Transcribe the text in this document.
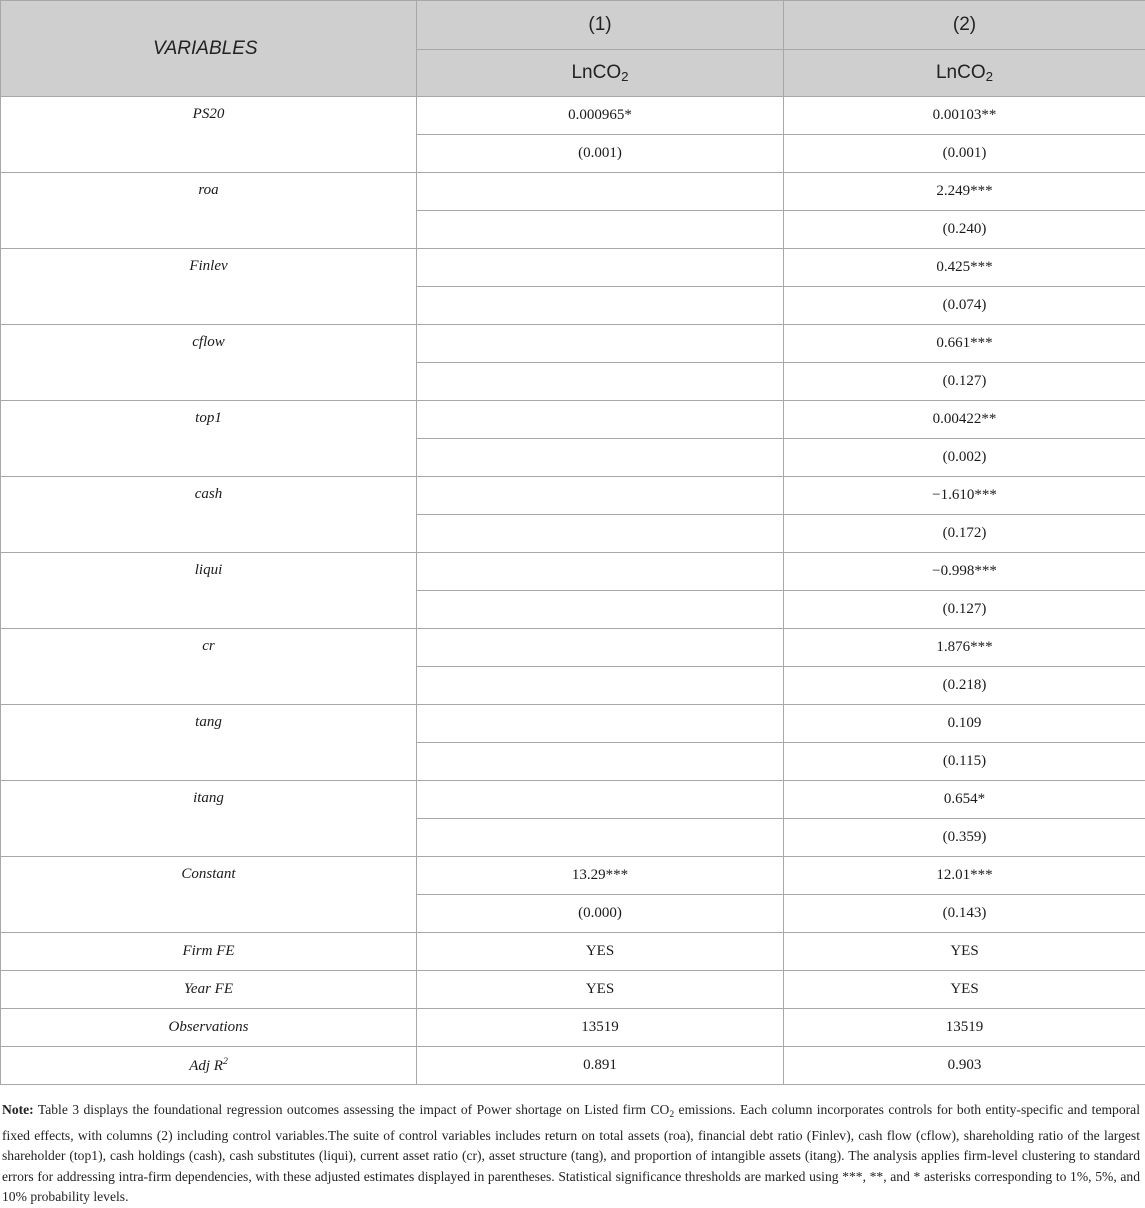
VARIABLES	(1)	(2)
	LnCO$_2$	LnCO$_2$
PS20	0.000965*	0.00103**
	(0.001)	(0.001)
roa		2.249***
		(0.240)
Finlev		0.425***
		(0.074)
cflow		0.661***
		(0.127)
top1		0.00422**
		(0.002)
cash		−1.610***
		(0.172)
liqui		−0.998***
		(0.127)
cr		1.876***
		(0.218)
tang		0.109
		(0.115)
itang		0.654*
		(0.359)
Constant	13.29***	12.01***
	(0.000)	(0.143)
Firm FE	YES	YES
Year FE	YES	YES
Observations	13519	13519
Adj $R^2$	0.891	0.903
Note: Table 3 displays the foundational regression outcomes assessing the impact of Power shortage on Listed firm $CO_2$ emissions. Each column incorporates controls for both entity-specific and temporal fixed effects, with columns (2) including control variables.The suite of control variables includes return on total assets (roa), financial debt ratio (Finlev), cash flow (cflow), shareholding ratio of the largest shareholder (top1), cash holdings (cash), cash substitutes (liqui), current asset ratio (cr), asset structure (tang), and proportion of intangible assets (itang). The analysis applies firm-level clustering to standard errors for addressing intra-firm dependencies, with these adjusted estimates displayed in parentheses. Statistical significance thresholds are marked using ***, **, and * asterisks corresponding to 1%, 5%, and 10% probability levels.
